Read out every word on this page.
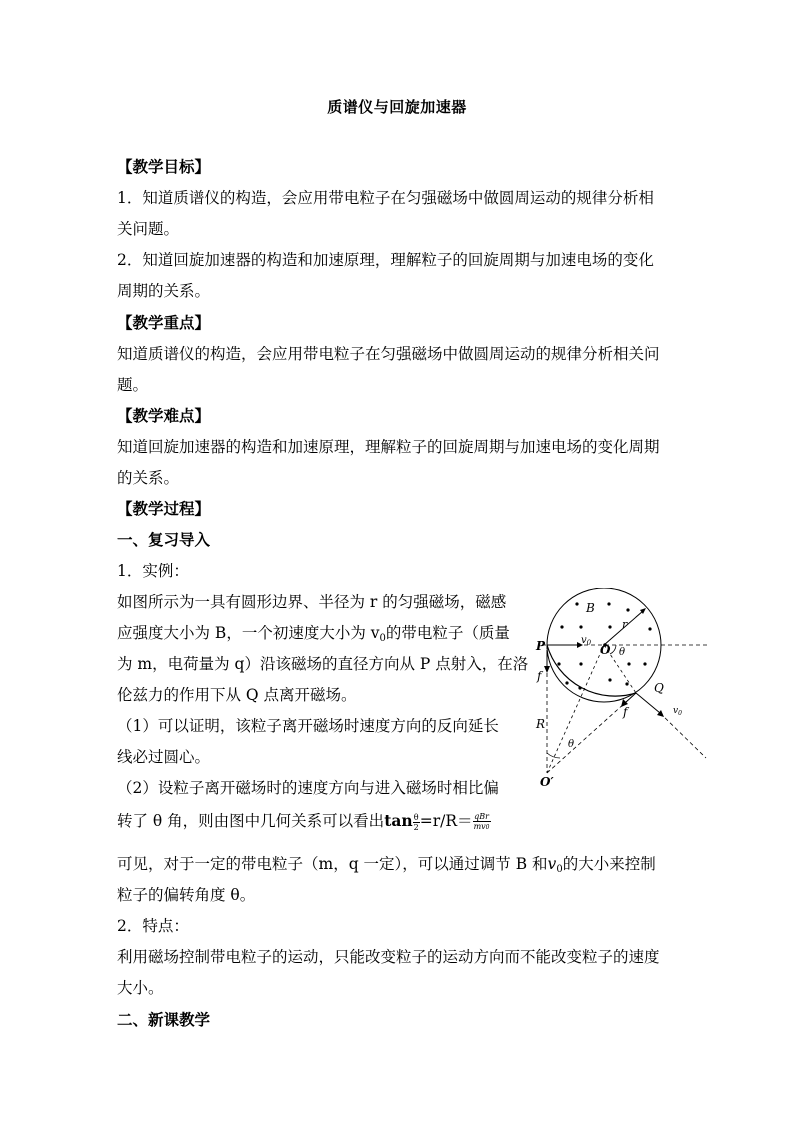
质谱仪与回旋加速器
【教学目标】
1．知道质谱仪的构造，会应用带电粒子在匀强磁场中做圆周运动的规律分析相
关问题。
2．知道回旋加速器的构造和加速原理，理解粒子的回旋周期与加速电场的变化
周期的关系。
【教学重点】
知道质谱仪的构造，会应用带电粒子在匀强磁场中做圆周运动的规律分析相关问
题。
【教学难点】
知道回旋加速器的构造和加速原理，理解粒子的回旋周期与加速电场的变化周期
的关系。
【教学过程】
一、复习导入
1．实例：
如图所示为一具有圆形边界、半径为 r 的匀强磁场，磁感
应强度大小为 B，一个初速度大小为 $v_0$的带电粒子（质量
为 m，电荷量为 q）沿该磁场的直径方向从 P 点射入，在洛
伦兹力的作用下从 Q 点离开磁场。
（1）可以证明，该粒子离开磁场时速度方向的反向延长
线必过圆心。
（2）设粒子离开磁场时的速度方向与进入磁场时相比偏
转了 θ 角，则由图中几何关系可以看出$\tan \frac{\theta}{2} =r/R= \frac{\text{qBr}}{mv0}$
可见，对于一定的带电粒子（m，q 一定），可以通过调节 B 和$v_0$的大小来控制
粒子的偏转角度 θ。
2．特点：
利用磁场控制带电粒子的运动，只能改变粒子的运动方向而不能改变粒子的速度
大小。
二、新课教学
B
r
P	$v_0$ O θ
f
Q
f	$v_0$
R
θ
O′
